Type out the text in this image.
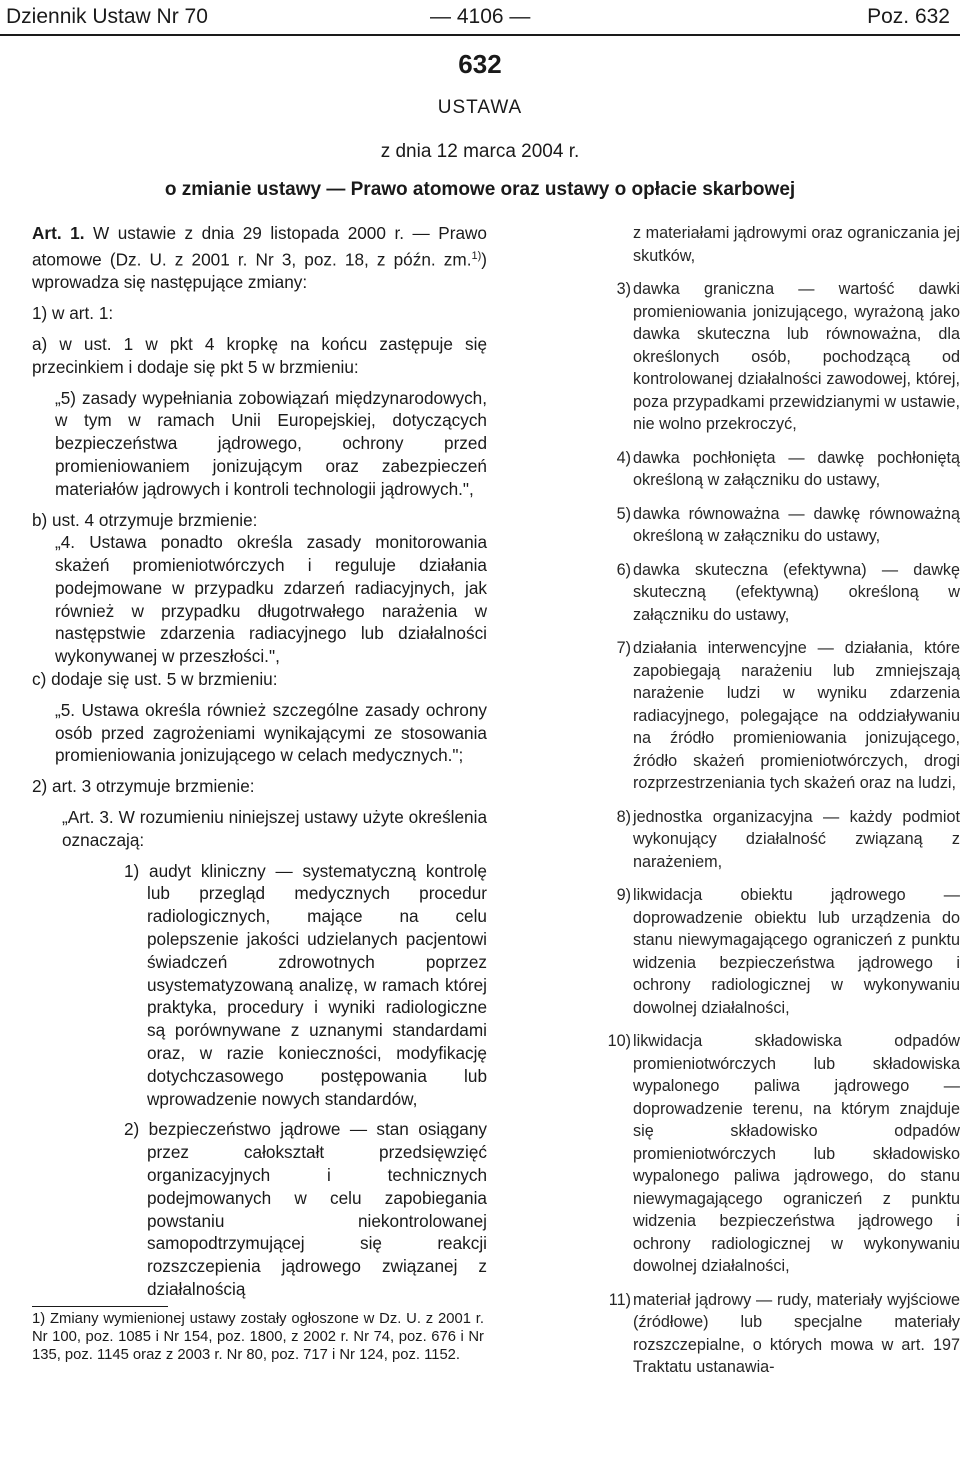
Dziennik Ustaw Nr 70	— 4106 —	Poz. 632
632
USTAWA
z dnia 12 marca 2004 r.
o zmianie ustawy — Prawo atomowe oraz ustawy o opłacie skarbowej

Art. 1. W ustawie z dnia 29 listopada 2000 r. — Prawo atomowe (Dz. U. z 2001 r. Nr 3, poz. 18, z późn. zm.$^{1)}$) wprowadza się następujące zmiany:

1) w art. 1:

a) w ust. 1 w pkt 4 kropkę na końcu zastępuje się przecinkiem i dodaje się pkt 5 w brzmieniu:

„5) zasady wypełniania zobowiązań międzynarodowych, w tym w ramach Unii Europejskiej, dotyczących bezpieczeństwa jądrowego, ochrony przed promieniowaniem jonizującym oraz zabezpieczeń materiałów jądrowych i kontroli technologii jądrowych.",

b) ust. 4 otrzymuje brzmienie:

„4. Ustawa ponadto określa zasady monitorowania skażeń promieniotwórczych i reguluje działania podejmowane w przypadku zdarzeń radiacyjnych, jak również w przypadku długotrwałego narażenia w następstwie zdarzenia radiacyjnego lub działalności wykonywanej w przeszłości.",

c) dodaje się ust. 5 w brzmieniu:

„5. Ustawa określa również szczególne zasady ochrony osób przed zagrożeniami wynikającymi ze stosowania promieniowania jonizującego w celach medycznych.";

2) art. 3 otrzymuje brzmienie:

„Art. 3. W rozumieniu niniejszej ustawy użyte określenia oznaczają:

1) audyt kliniczny — systematyczną kontrolę lub przegląd medycznych procedur radiologicznych, mające na celu polepszenie jakości udzielanych pacjentowi świadczeń zdrowotnych poprzez usystematyzowaną analizę, w ramach której praktyka, procedury i wyniki radiologiczne są porównywane z uznanymi standardami oraz, w razie konieczności, modyfikację dotychczasowego postępowania lub wprowadzenie nowych standardów,

2) bezpieczeństwo jądrowe — stan osiągany przez całokształt przedsięwzięć organizacyjnych i technicznych podejmowanych w celu zapobiegania powstaniu niekontrolowanej samopodtrzymującej się reakcji rozszczepienia jądrowego związanej z działalnością

1) Zmiany wymienionej ustawy zostały ogłoszone w Dz. U. z 2001 r. Nr 100, poz. 1085 i Nr 154, poz. 1800, z 2002 r. Nr 74, poz. 676 i Nr 135, poz. 1145 oraz z 2003 r. Nr 80, poz. 717 i Nr 124, poz. 1152.

z materiałami jądrowymi oraz ograniczania jej skutków,

3) dawka graniczna — wartość dawki promieniowania jonizującego, wyrażoną jako dawka skuteczna lub równoważna, dla określonych osób, pochodzącą od kontrolowanej działalności zawodowej, której, poza przypadkami przewidzianymi w ustawie, nie wolno przekroczyć,

4) dawka pochłonięta — dawkę pochłoniętą określoną w załączniku do ustawy,

5) dawka równoważna — dawkę równoważną określoną w załączniku do ustawy,

6) dawka skuteczna (efektywna) — dawkę skuteczną (efektywną) określoną w załączniku do ustawy,

7) działania interwencyjne — działania, które zapobiegają narażeniu lub zmniejszają narażenie ludzi w wyniku zdarzenia radiacyjnego, polegające na oddziaływaniu na źródło promieniowania jonizującego, źródło skażeń promieniotwórczych, drogi rozprzestrzeniania tych skażeń oraz na ludzi,

8) jednostka organizacyjna — każdy podmiot wykonujący działalność związaną z narażeniem,

9) likwidacja obiektu jądrowego — doprowadzenie obiektu lub urządzenia do stanu niewymagającego ograniczeń z punktu widzenia bezpieczeństwa jądrowego i ochrony radiologicznej w wykonywaniu dowolnej działalności,

10) likwidacja składowiska odpadów promieniotwórczych lub składowiska wypalonego paliwa jądrowego — doprowadzenie terenu, na którym znajduje się składowisko odpadów promieniotwórczych lub składowisko wypalonego paliwa jądrowego, do stanu niewymagającego ograniczeń z punktu widzenia bezpieczeństwa jądrowego i ochrony radiologicznej w wykonywaniu dowolnej działalności,

11) materiał jądrowy — rudy, materiały wyjściowe (źródłowe) lub specjalne materiały rozszczepialne, o których mowa w art. 197 Traktatu ustanawia-
